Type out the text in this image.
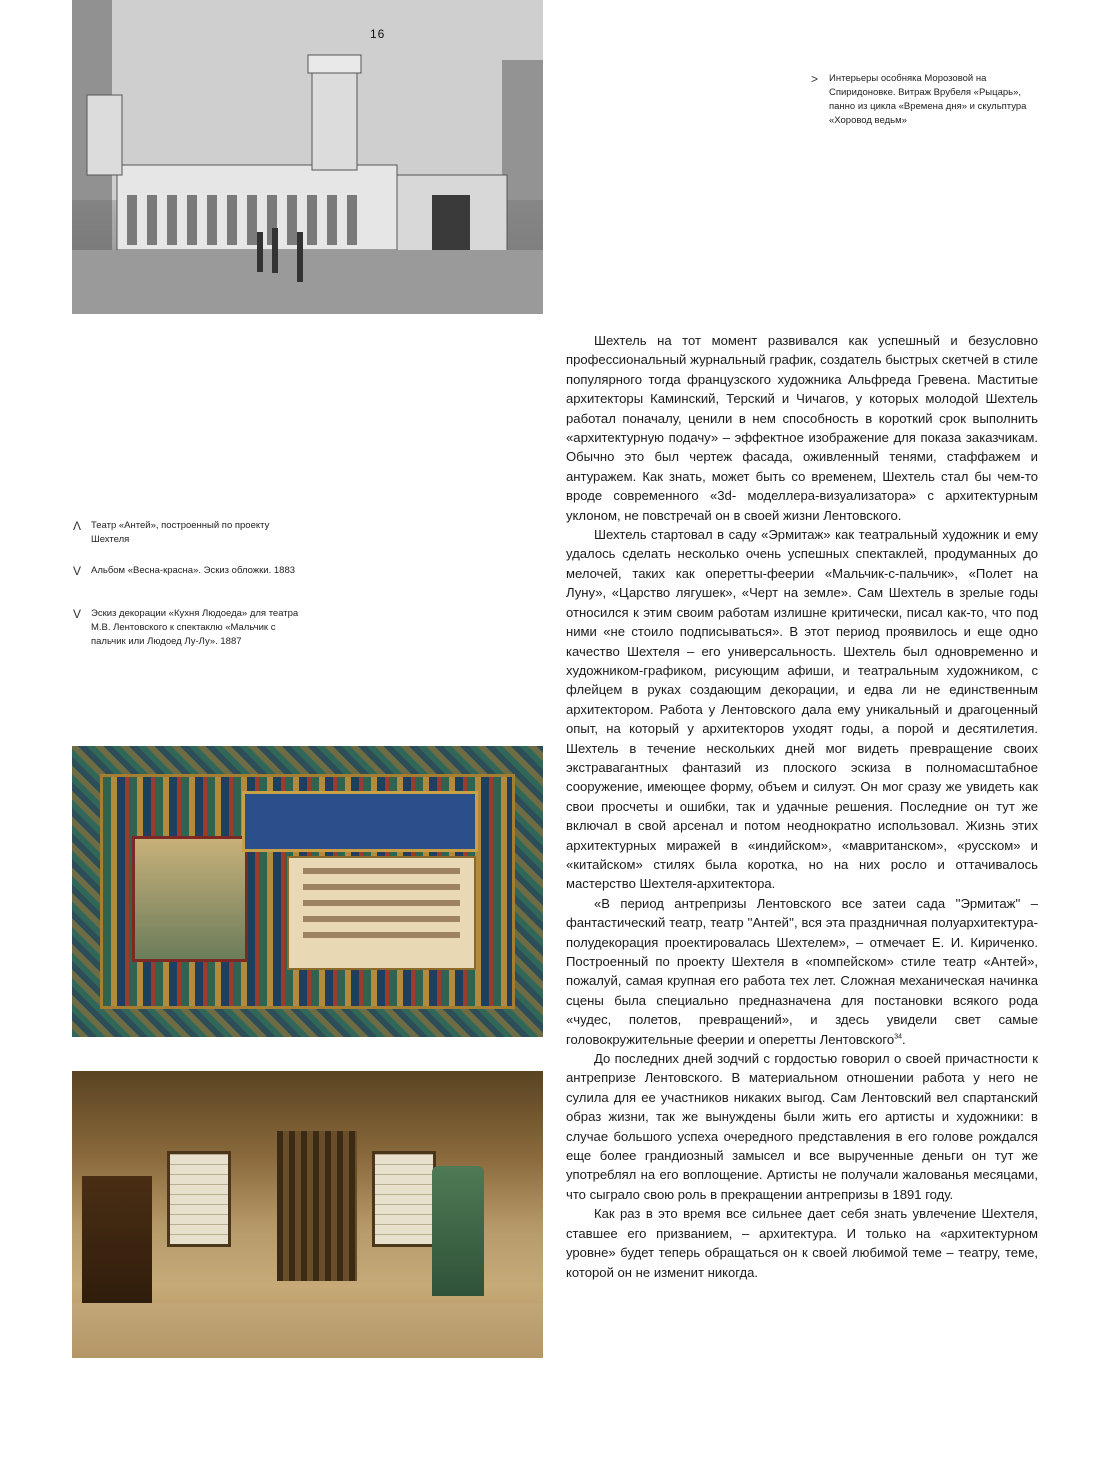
16
> Интерьеры особняка Морозовой на Спиридоновке. Витраж Врубеля «Рыцарь», панно из цикла «Времена дня» и скульптура «Хоровод ведьм»
Λ Театр «Антей», построенный по проекту Шехтеля
V Альбом «Весна-красна». Эскиз обложки. 1883
V Эскиз декорации «Кухня Людоеда» для театра М.В. Лентовского к спектаклю «Мальчик с пальчик или Людоед Лу-Лу». 1887

Шехтель на тот момент развивался как успешный и безусловно профессиональный журнальный график, создатель быстрых скетчей в стиле популярного тогда французского художника Альфреда Гревена. Маститые архитекторы Каминский, Терский и Чичагов, у которых молодой Шехтель работал поначалу, ценили в нем способность в короткий срок выполнить «архитектурную подачу» – эффектное изображение для показа заказчикам. Обычно это был чертеж фасада, оживленный тенями, стаффажем и антуражем. Как знать, может быть со временем, Шехтель стал бы чем-то вроде современного «3d- моделлера-визуализатора» с архитектурным уклоном, не повстречай он в своей жизни Лентовского.

Шехтель стартовал в саду «Эрмитаж» как театральный художник и ему удалось сделать несколько очень успешных спектаклей, продуманных до мелочей, таких как оперетты-феерии «Мальчик-с-пальчик», «Полет на Луну», «Царство лягушек», «Черт на земле». Сам Шехтель в зрелые годы относился к этим своим работам излишне критически, писал как-то, что под ними «не стоило подписываться». В этот период проявилось и еще одно качество Шехтеля – его универсальность. Шехтель был одновременно и художником-графиком, рисующим афиши, и театральным художником, с флейцем в руках создающим декорации, и едва ли не единственным архитектором. Работа у Лентовского дала ему уникальный и драгоценный опыт, на который у архитекторов уходят годы, а порой и десятилетия. Шехтель в течение нескольких дней мог видеть превращение своих экстравагантных фантазий из плоского эскиза в полномасштабное сооружение, имеющее форму, объем и силуэт. Он мог сразу же увидеть как свои просчеты и ошибки, так и удачные решения. Последние он тут же включал в свой арсенал и потом неоднократно использовал. Жизнь этих архитектурных миражей в «индийском», «мавританском», «русском» и «китайском» стилях была коротка, но на них росло и оттачивалось мастерство Шехтеля-архитектора.

«В период антрепризы Лентовского все затеи сада ''Эрмитаж'' – фантастический театр, театр ''Антей'', вся эта праздничная полуархитектура-полудекорация проектировалась Шехтелем», – отмечает Е. И. Кириченко. Построенный по проекту Шехтеля в «помпейском» стиле театр «Антей», пожалуй, самая крупная его работа тех лет. Сложная механическая начинка сцены была специально предназначена для постановки всякого рода «чудес, полетов, превращений», и здесь увидели свет самые головокружительные феерии и оперетты Лентовского$^{34}$.

До последних дней зодчий с гордостью говорил о своей причастности к антрепризе Лентовского. В материальном отношении работа у него не сулила для ее участников никаких выгод. Сам Лентовский вел спартанский образ жизни, так же вынуждены были жить его артисты и художники: в случае большого успеха очередного представления в его голове рождался еще более грандиозный замысел и все вырученные деньги он тут же употреблял на его воплощение. Артисты не получали жалованья месяцами, что сыграло свою роль в прекращении антрепризы в 1891 году.

Как раз в это время все сильнее дает себя знать увлечение Шехтеля, ставшее его призванием, – архитектура. И только на «архитектурном уровне» будет теперь обращаться он к своей любимой теме – театру, теме, которой он не изменит никогда.
